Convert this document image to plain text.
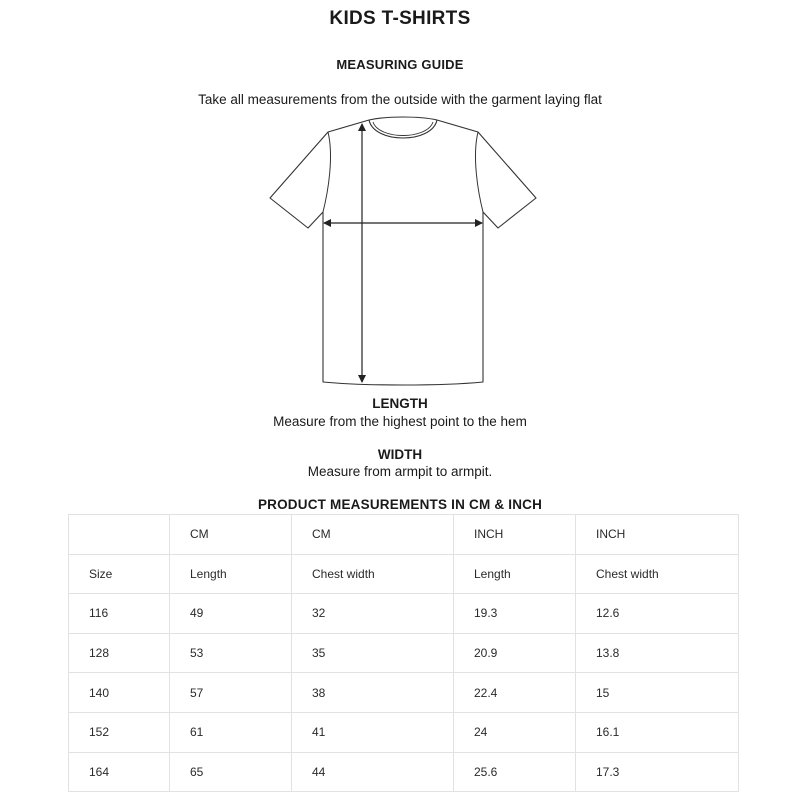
KIDS T-SHIRTS
MEASURING GUIDE
Take all measurements from the outside with the garment laying flat
LENGTH
Measure from the highest point to the hem
WIDTH
Measure from armpit to armpit.
PRODUCT MEASUREMENTS IN CM & INCH
	CM	CM	INCH	INCH
Size	Length	Chest width	Length	Chest width
116	49	32	19.3	12.6
128	53	35	20.9	13.8
140	57	38	22.4	15
152	61	41	24	16.1
164	65	44	25.6	17.3
